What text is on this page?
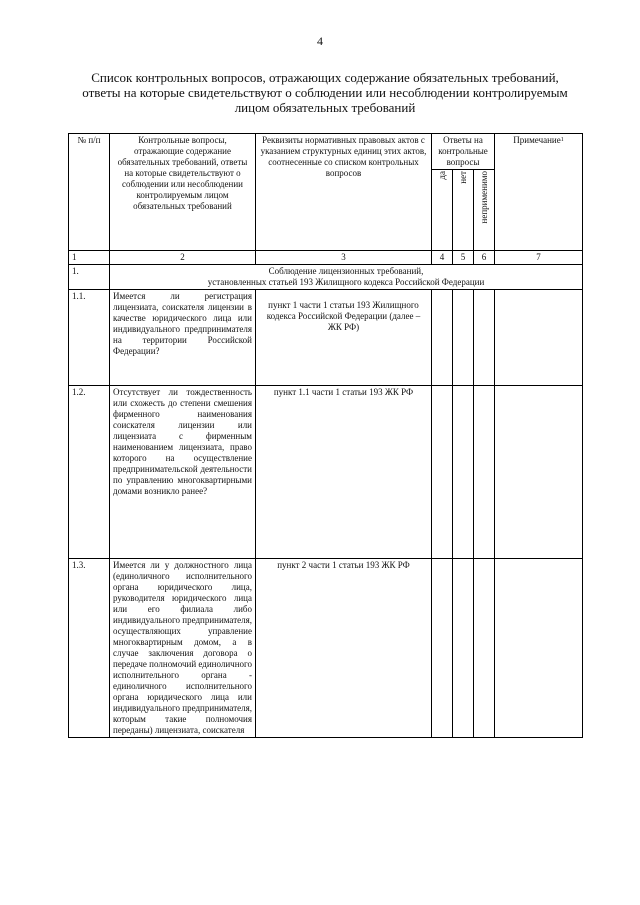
4
Список контрольных вопросов, отражающих содержание обязательных требований,
ответы на которые свидетельствуют о соблюдении или несоблюдении контролируемым
лицом обязательных требований
№ п/п	Контрольные вопросы, отражающие содержание обязательных требований, ответы на которые свидетельствуют о соблюдении или несоблюдении контролируемым лицом обязательных требований	Реквизиты нормативных правовых актов с указанием структурных единиц этих актов, соотнесенные со списком контрольных вопросов	Ответы на контрольные вопросы			Примечание$^1$
			да	нет	неприменимо	
1	2	3	4	5	6	7
1.	Соблюдение лицензионных требований,
установленных статьей 193 Жилищного кодекса Российской Федерации					

1.1.	Имеется ли регистрация лицензиата, соискателя лицензии в качестве юридического лица или индивидуального предпринимателя на территории Российской Федерации?	пункт 1 части 1 статьи 193 Жилищного кодекса Российской Федерации (далее – ЖК РФ)				
1.2.	Отсутствует ли тождественность или схожесть до степени смешения фирменного наименования соискателя лицензии или лицензиата с фирменным наименованием лицензиата, право которого на осуществление предпринимательской деятельности по управлению многоквартирными домами возникло ранее?	пункт 1.1 части 1 статьи 193 ЖК РФ				
1.3.	Имеется ли у должностного лица (единоличного исполнительного органа юридического лица, руководителя юридического лица или его филиала либо индивидуального предпринимателя, осуществляющих управление многоквартирным домом, а в случае заключения договора о передаче полномочий единоличного исполнительного органа - единоличного исполнительного органа юридического лица или индивидуального предпринимателя, которым такие полномочия переданы) лицензиата, соискателя	пункт 2 части 1 статьи 193 ЖК РФ				
